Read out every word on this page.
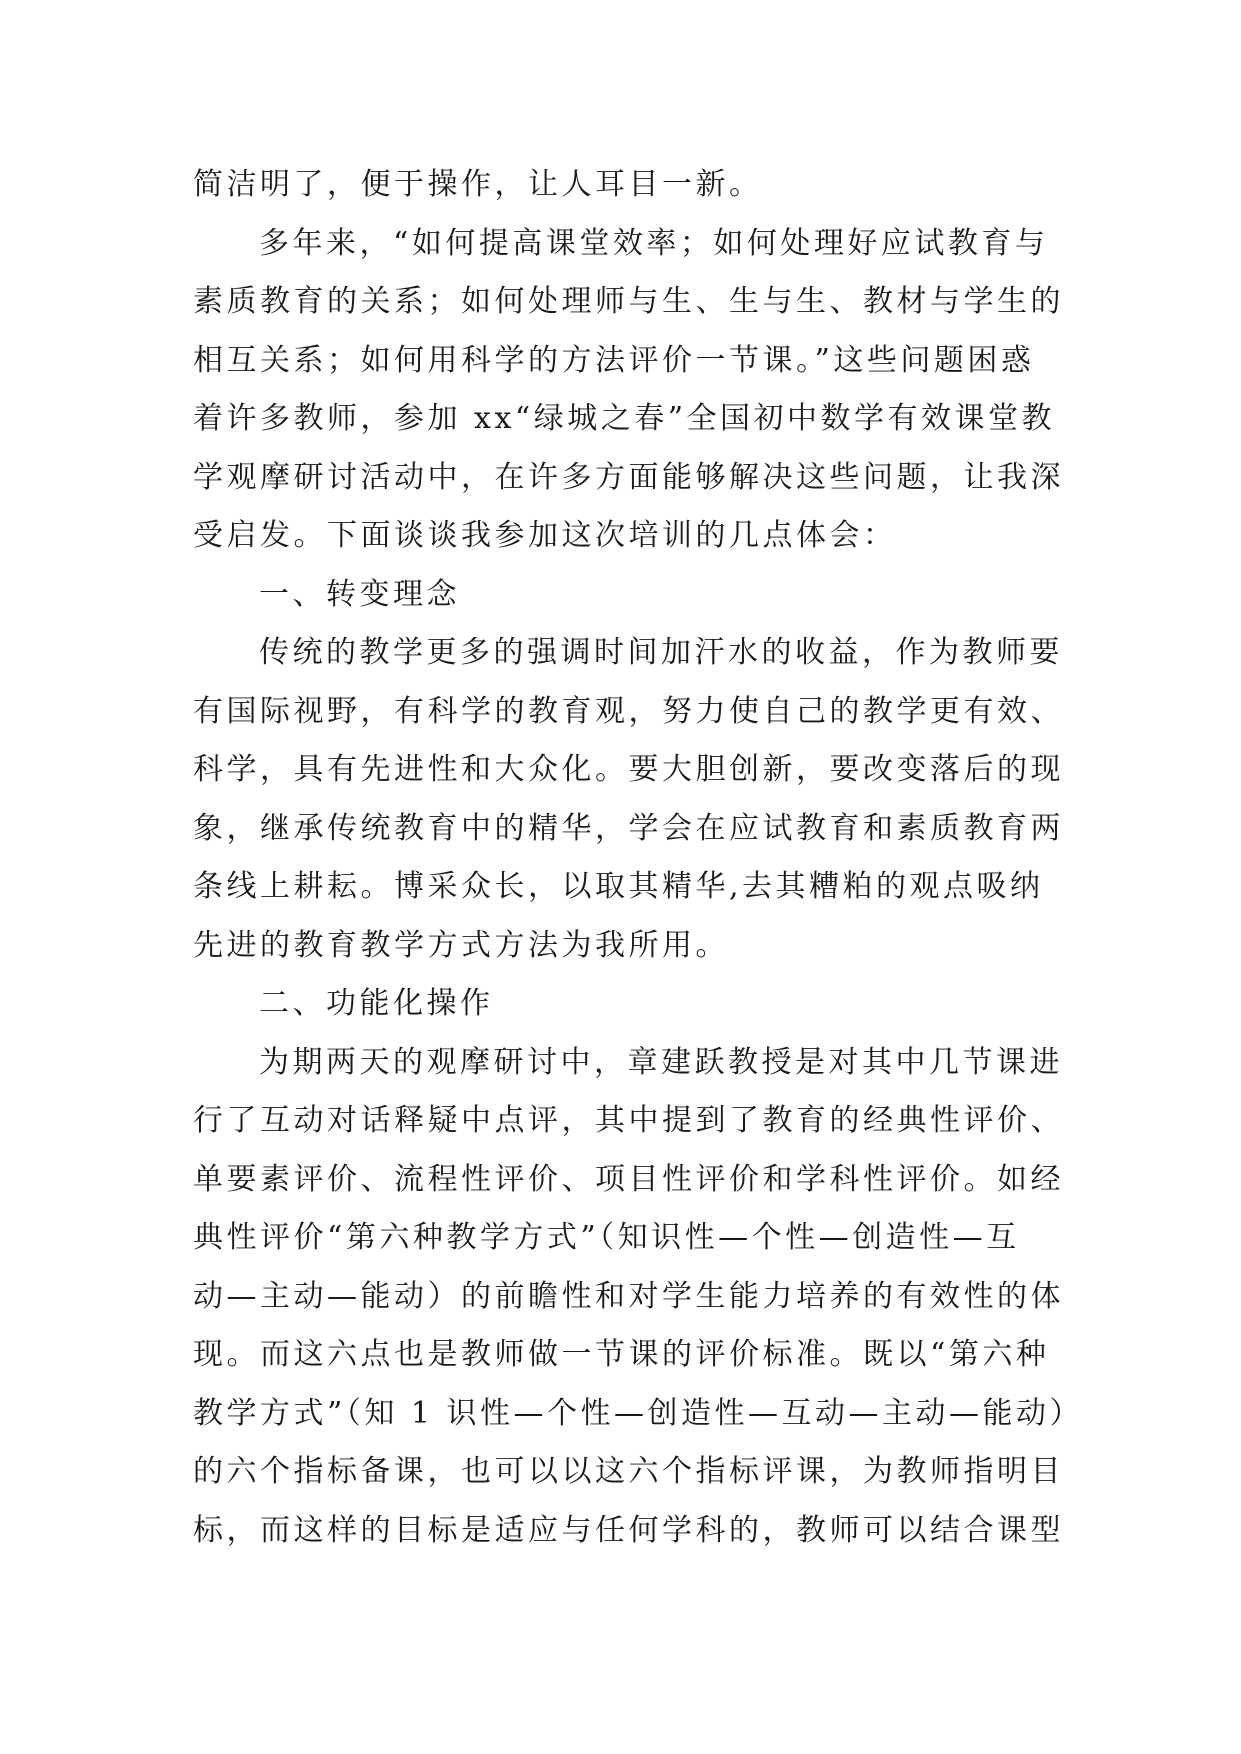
简洁明了，便于操作，让人耳目一新。
多年来，“如何提高课堂效率；如何处理好应试教育与
素质教育的关系；如何处理师与生、生与生、教材与学生的
相互关系；如何用科学的方法评价一节课。”这些问题困惑
着许多教师，参加 xx“绿城之春”全国初中数学有效课堂教
学观摩研讨活动中，在许多方面能够解决这些问题，让我深
受启发。下面谈谈我参加这次培训的几点体会：
一、转变理念
传统的教学更多的强调时间加汗水的收益，作为教师要
有国际视野，有科学的教育观，努力使自己的教学更有效、
科学，具有先进性和大众化。要大胆创新，要改变落后的现
象，继承传统教育中的精华，学会在应试教育和素质教育两
条线上耕耘。博采众长，以取其精华,去其糟粕的观点吸纳
先进的教育教学方式方法为我所用。
二、功能化操作
为期两天的观摩研讨中，章建跃教授是对其中几节课进
行了互动对话释疑中点评，其中提到了教育的经典性评价、
单要素评价、流程性评价、项目性评价和学科性评价。如经
典性评价“第六种教学方式”（知识性—个性—创造性—互
动—主动—能动）的前瞻性和对学生能力培养的有效性的体
现。而这六点也是教师做一节课的评价标准。既以“第六种
教学方式”（知 1 识性—个性—创造性—互动—主动—能动）
的六个指标备课，也可以以这六个指标评课，为教师指明目
标，而这样的目标是适应与任何学科的，教师可以结合课型
